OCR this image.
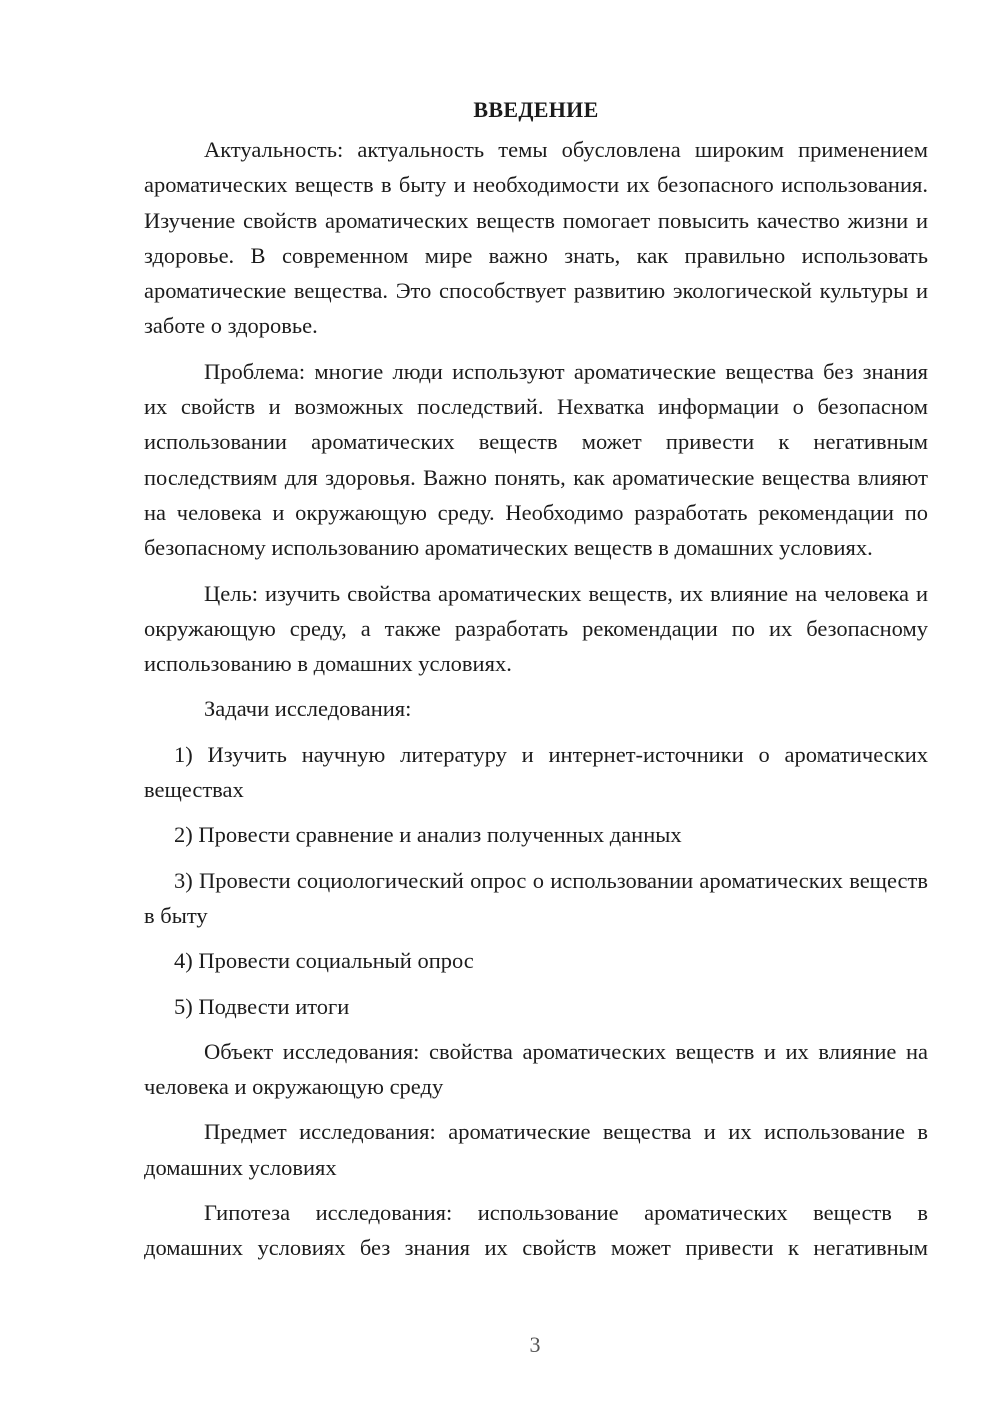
ВВЕДЕНИЕ

Актуальность: актуальность темы обусловлена широким применением ароматических веществ в быту и необходимости их безопасного использования. Изучение свойств ароматических веществ помогает повысить качество жизни и здоровье. В современном мире важно знать, как правильно использовать ароматические вещества. Это способствует развитию экологической культуры и заботе о здоровье.

Проблема: многие люди используют ароматические вещества без знания их свойств и возможных последствий. Нехватка информации о безопасном использовании ароматических веществ может привести к негативным последствиям для здоровья. Важно понять, как ароматические вещества влияют на человека и окружающую среду. Необходимо разработать рекомендации по безопасному использованию ароматических веществ в домашних условиях.

Цель: изучить свойства ароматических веществ, их влияние на человека и окружающую среду, а также разработать рекомендации по их безопасному использованию в домашних условиях.

Задачи исследования:

1) Изучить научную литературу и интернет-источники о ароматических веществах

2) Провести сравнение и анализ полученных данных

3) Провести социологический опрос о использовании ароматических веществ в быту

4) Провести социальный опрос

5) Подвести итоги

Объект исследования: свойства ароматических веществ и их влияние на человека и окружающую среду

Предмет исследования: ароматические вещества и их использование в домашних условиях

Гипотеза исследования: использование ароматических веществ в домашних условиях без знания их свойств может привести к негативным

3
